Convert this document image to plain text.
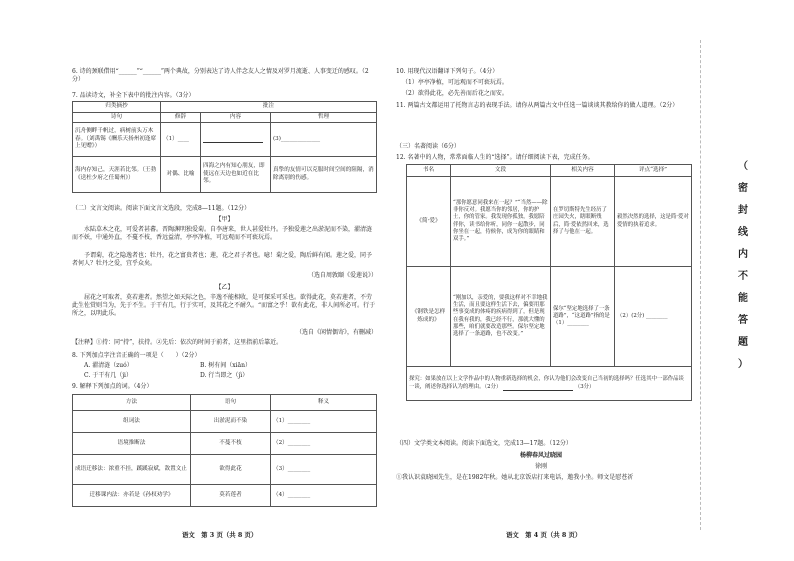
6. 诗的颈联借用“______”“______”两个典故，分别表达了诗人伴念友人之情及对罗月流逝、人事变迁的感叹。（2分）
7. 品读诗文，补全下表中的批注内容。（3分）
归类摘抄	批注		
诗句	修辞	内容	哲理
沉舟侧畔千帆过，病树前头万木春。（刘禹锡《酬乐天扬州初逢席上见赠》）	（1）____		(3)______________
海内存知己，天涯若比邻。（王勃《送杜少府之任蜀州》）	对偶、比喻	四海之内有知心朋友，即使远在天边也如近在比邻。	真挚的友情可以克服时间空间的阻隔，消除离别的伤感。
（二）文言文阅读。阅读下面文言文选段，完成8—11题。（12分）
【甲】
水陆草木之花，可爱者甚蕃。晋陶渊明独爱菊。自李唐来，世人甚爱牡丹。予独爱莲之出淤泥而不染，濯清涟而不妖，中通外直，不蔓不枝，香远益清，亭亭净植，可远观而不可亵玩焉。
予谓菊，花之隐逸者也；牡丹，花之富贵者也；莲，花之君子者也。噫！菊之爱，陶后鲜有闻。莲之爱，同予者何人？牡丹之爱，宜乎众矣。
（选自周敦颐《爱莲说》）
【乙】
屈花之可取者，莫若莲者。然望之如天际之色，辛逸不能相收，是可探采可采也。欲得此花，莫若莲者，不劳此生佐赏则当为，先于不生。于干有几，行于实可，及其花之不耐久。“而富之乎！欲有此花，非人间所必可。行于所之，以明此乐。
（选自《闲情偶寄》，有删减）
【注释】①持：同“持”，扶持。②先后：依次的时间于前者，这里指前后靠近。
8. 下列加点字注音正确的一项是（　　）（2分）
A. 濯清涟（zuó）	B. 树有间（xiān）
C. 于干有几（ji）	D. 行当即之（jì）
9. 解释下列加点的词。（4分）
方法	语句	释义
组词法	出淤泥而不染	（1）________
语境推断法	不蔓不枝	（2）________
成语迁移法：浓重不挂，蹊蹊寂斌，敌置文止	欲得此花	（3）________
迁移课内法：亦若是《孙权劝学》	莫若莲者	（4）________
语文　第 3 页（共 8 页）
10. 用现代汉语翻译下列句子。（4分）
（1）亭亭净植，可远观而不可亵玩焉。
（2）欲得此花，必先善而后花之而安。
11. 两篇古文都运用了托物言志的表现手法。请你从两篇古文中任选一篇谈谈其教给你的做人道理。（2分）
（三）名著阅读（6分）
12. 名著中的人物，常常面临人生的“选择”。请仔细阅读下表，完成任务。
书名	文段	相关内容	评点“选择”
《简·爱》	“那你愿意同我来在一起？”“当然——除非你反对。我愿当你的邻居，你的护士，你的管家。我发现你孤独，我愿陪伴你，读书给你听，同你一起散步，同你坐在一起，侍候你，成为你的眼睛和双手。”	在罗切斯特先生经历了庄园失火，瞎眼断残后，简·爱依然回来，选择了与他在一起。	毅然决然的选择，这是简·爱对爱情的执着追求。
《钢铁是怎样炼成的》	“刚加以，亲爱的，要我这样对不幸地我生活，而且要这样生活下去，偏要用那些事变成的体疼的疾病得到了，但是现在我有我的，我已经不行，那就大懂的那些，咱们就要改造那些。保尔坚定地选择了一条道路，也不改变。”	保尔“坚定地选择了一条道路”，“这道路”指的是（1）________	（2）(2分) ________
探究：如果放在以上文学作品中的人物重新选择的机会，你认为他们会改变自己当初的选择吗？任选其中一部作品谈一谈，阐述你选择认为的理由。（2分） （3分）			
（四）文学类文本阅读。阅读下面选文，完成13—17题。（12分）
杨柳春风过晓园
徐刚
①我认识袁晓园先生，是在1982年秋。她从北京饭店打来电话，邀我小坐。师文是慰苍祈
语文　第 4 页（共 8 页）
（
密
封
线
内
不
能
答
题
）
